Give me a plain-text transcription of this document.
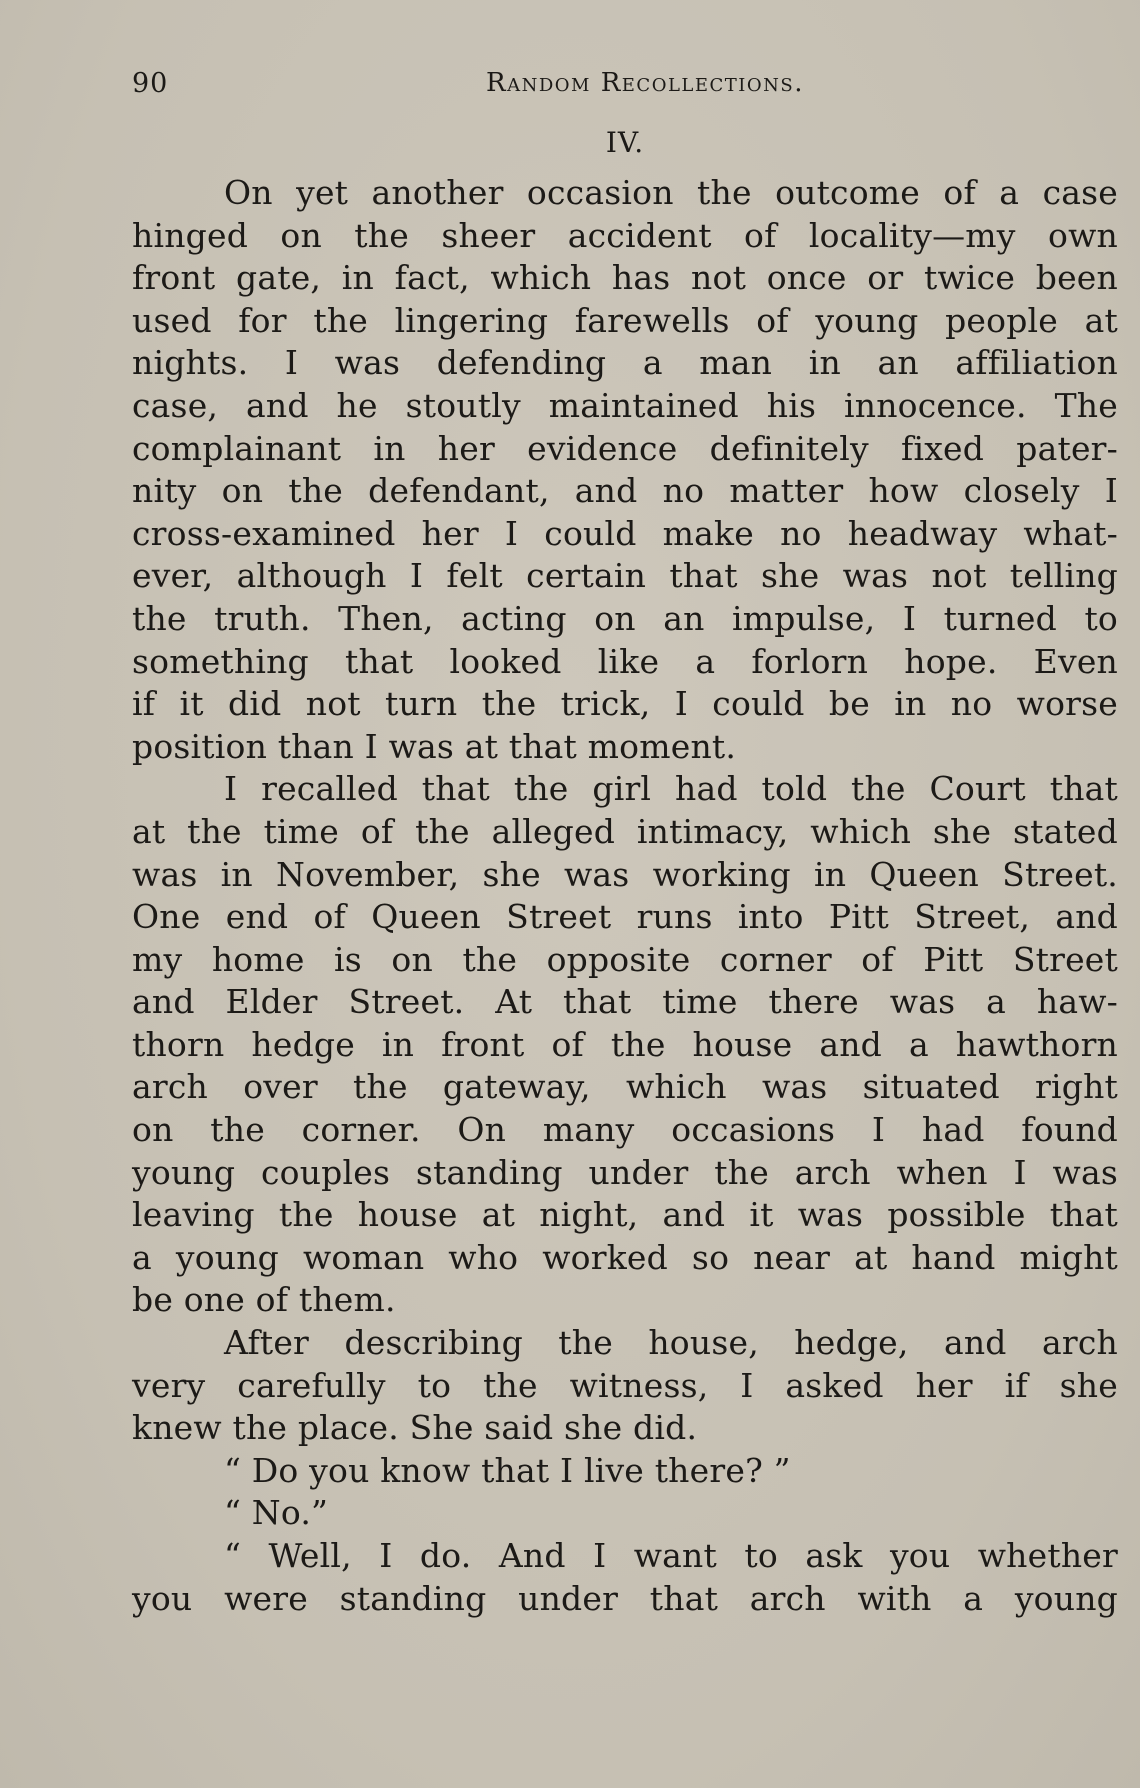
90	Random Recollections.
IV.
On yet another occasion the outcome of a case
hinged on the sheer accident of locality—my own
front gate, in fact, which has not once or twice been
used for the lingering farewells of young people at
nights. I was defending a man in an affiliation
case, and he stoutly maintained his innocence. The
complainant in her evidence definitely fixed pater-
nity on the defendant, and no matter how closely I
cross-examined her I could make no headway what-
ever, although I felt certain that she was not telling
the truth. Then, acting on an impulse, I turned to
something that looked like a forlorn hope. Even
if it did not turn the trick, I could be in no worse
position than I was at that moment.
I recalled that the girl had told the Court that
at the time of the alleged intimacy, which she stated
was in November, she was working in Queen Street.
One end of Queen Street runs into Pitt Street, and
my home is on the opposite corner of Pitt Street
and Elder Street. At that time there was a haw-
thorn hedge in front of the house and a hawthorn
arch over the gateway, which was situated right
on the corner. On many occasions I had found
young couples standing under the arch when I was
leaving the house at night, and it was possible that
a young woman who worked so near at hand might
be one of them.
After describing the house, hedge, and arch
very carefully to the witness, I asked her if she
knew the place. She said she did.
“ Do you know that I live there? ”
“ No.”
“ Well, I do. And I want to ask you whether
you were standing under that arch with a young
